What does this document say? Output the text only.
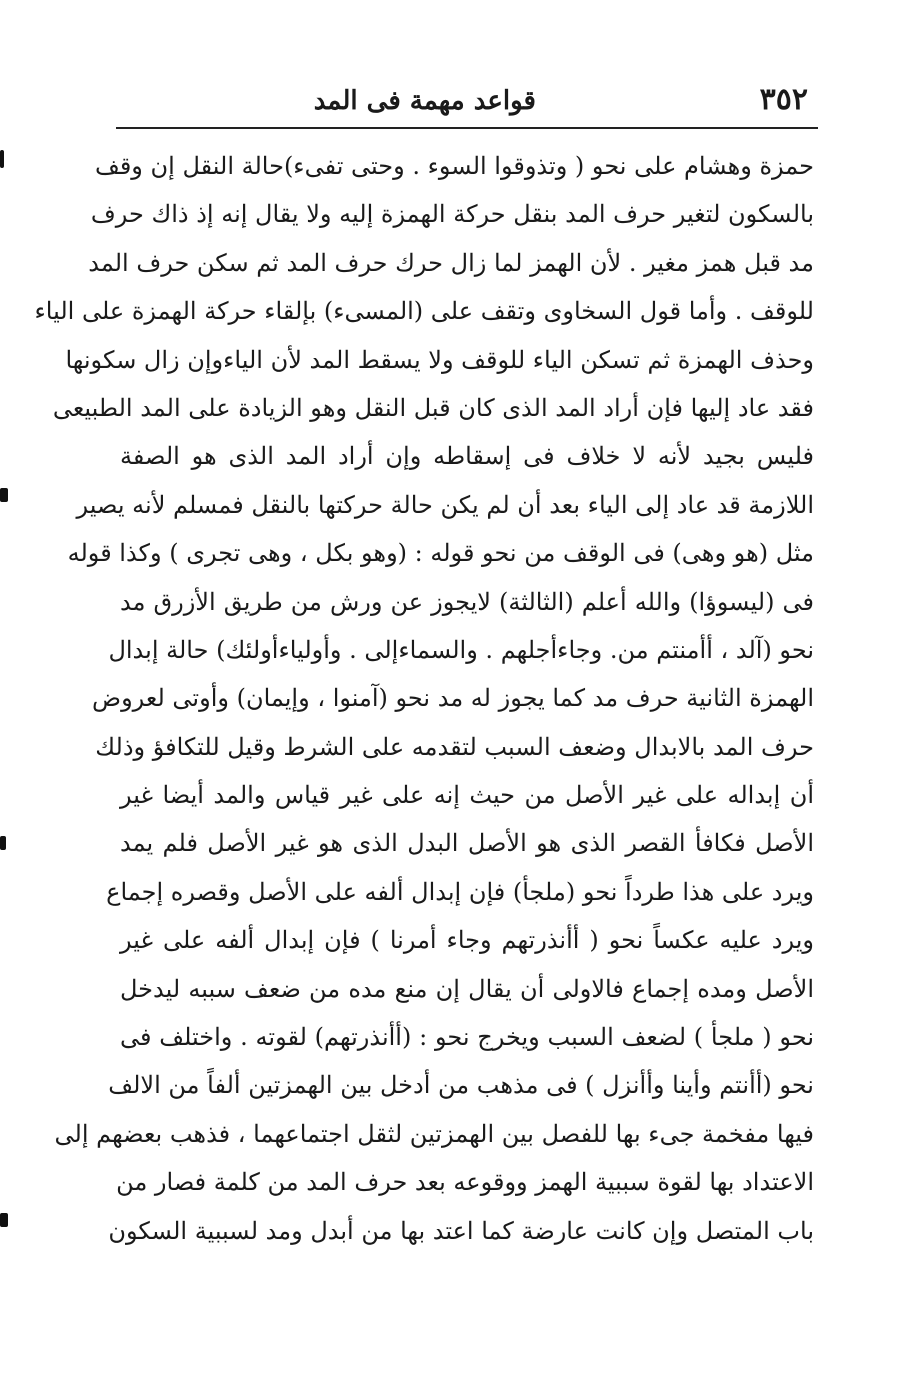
٣٥٢
قواعد مهمة فى المد
حمزة وهشام على نحو ( وتذوقوا السوء . وحتى تفىء)حالة النقل إن وقف
بالسكون لتغير حرف المد بنقل حركة الهمزة إليه ولا يقال إنه إذ ذاك حرف
مد قبل همز مغير . لأن الهمز لما زال حرك حرف المد ثم سكن حرف المد
للوقف . وأما قول السخاوى وتقف على (المسىء) بإلقاء حركة الهمزة على الياء
وحذف الهمزة ثم تسكن الياء للوقف ولا يسقط المد لأن الياءوإن زال سكونها
فقد عاد إليها فإن أراد المد الذى كان قبل النقل وهو الزيادة على المد الطبيعى
فليس بجيد لأنه لا خلاف فى إسقاطه وإن أراد المد الذى هو الصفة
اللازمة قد عاد إلى الياء بعد أن لم يكن حالة حركتها بالنقل فمسلم لأنه يصير
مثل (هو وهى) فى الوقف من نحو قوله : (وهو بكل ، وهى تجرى ) وكذا قوله
فى (ليسوؤا) والله أعلم (الثالثة) لايجوز عن ورش من طريق الأزرق مد
نحو (آلد ، أأمنتم من. وجاءأجلهم . والسماءإلى . وأولياءأولئك) حالة إبدال
الهمزة الثانية حرف مد كما يجوز له مد نحو (آمنوا ، وإيمان) وأوتى لعروض
حرف المد بالابدال وضعف السبب لتقدمه على الشرط وقيل للتكافؤ وذلك
أن إبداله على غير الأصل من حيث إنه على غير قياس والمد أيضا غير
الأصل فكافأ القصر الذى هو الأصل البدل الذى هو غير الأصل فلم يمد
ويرد على هذا طرداً نحو (ملجأ) فإن إبدال ألفه على الأصل وقصره إجماع
ويرد عليه عكساً نحو ( أأنذرتهم وجاء أمرنا ) فإن إبدال ألفه على غير
الأصل ومده إجماع فالاولى أن يقال إن منع مده من ضعف سببه ليدخل
نحو ( ملجأ ) لضعف السبب ويخرج نحو : (أأنذرتهم) لقوته . واختلف فى
نحو (أأنتم وأينا وأأنزل ) فى مذهب من أدخل بين الهمزتين ألفاً من الالف
فيها مفخمة جىء بها للفصل بين الهمزتين لثقل اجتماعهما ، فذهب بعضهم إلى
الاعتداد بها لقوة سببية الهمز ووقوعه بعد حرف المد من كلمة فصار من
باب المتصل وإن كانت عارضة كما اعتد بها من أبدل ومد لسببية السكون
